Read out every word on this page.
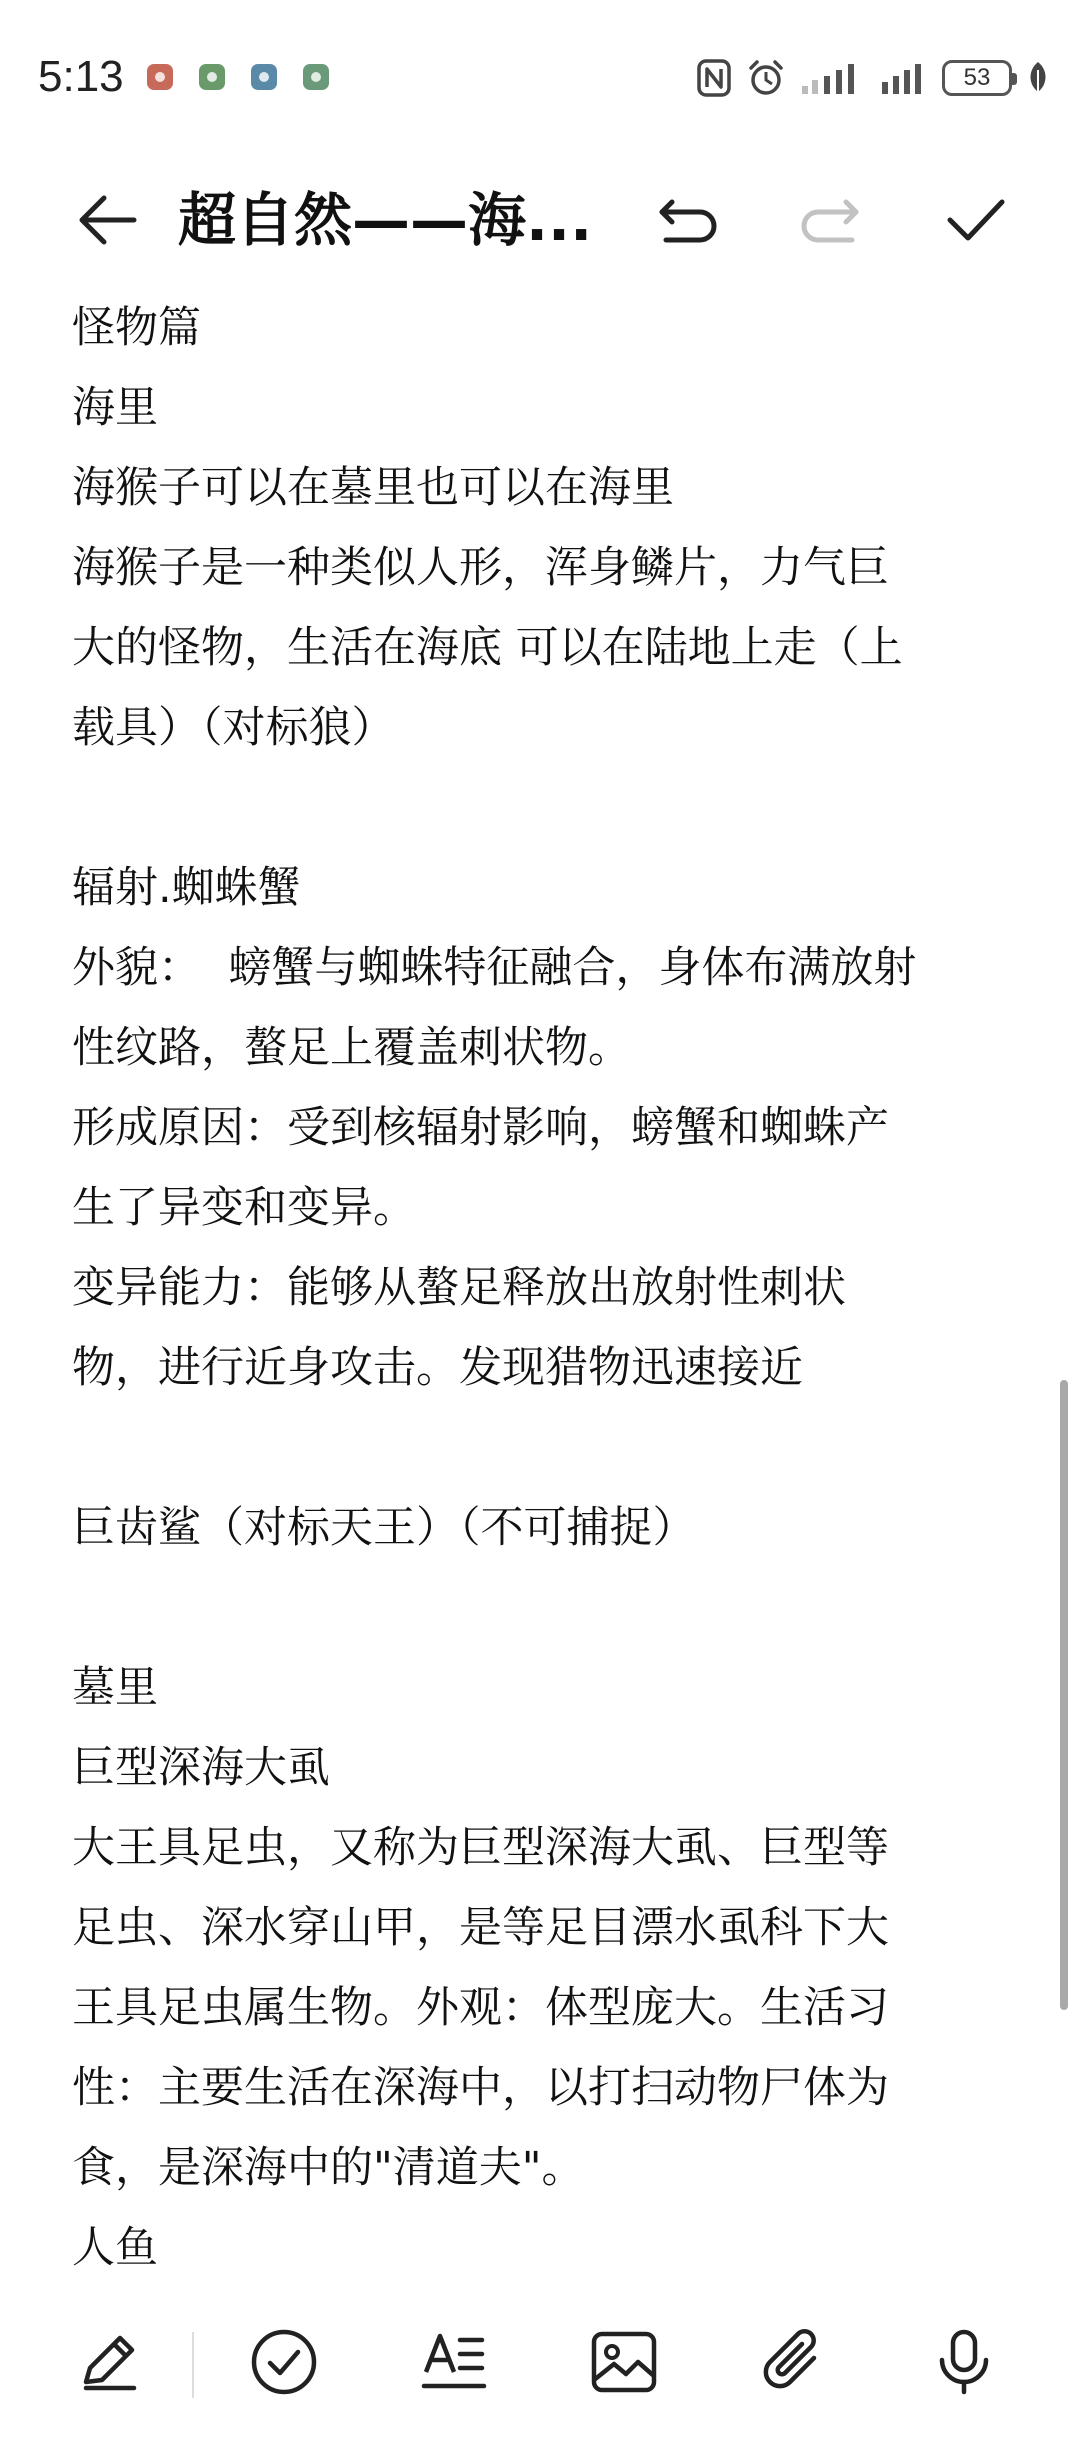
5:13	53
超自然——海...

怪物篇

海里

海猴子可以在墓里也可以在海里

海猴子是一种类似人形，浑身鳞片，力气巨

大的怪物，生活在海底 可以在陆地上走（上

载具）（对标狼）

辐射.蜘蛛蟹

外貌：  螃蟹与蜘蛛特征融合，身体布满放射

性纹路，螯足上覆盖刺状物。

形成原因：受到核辐射影响，螃蟹和蜘蛛产

生了异变和变异。

变异能力：能够从螯足释放出放射性刺状

物，进行近身攻击。发现猎物迅速接近

巨齿鲨（对标天王）（不可捕捉）

墓里

巨型深海大虱

大王具足虫，又称为巨型深海大虱、巨型等

足虫、深水穿山甲，是等足目漂水虱科下大

王具足虫属生物。外观：体型庞大。生活习

性：主要生活在深海中，以打扫动物尸体为

食，是深海中的"清道夫"。

人鱼
